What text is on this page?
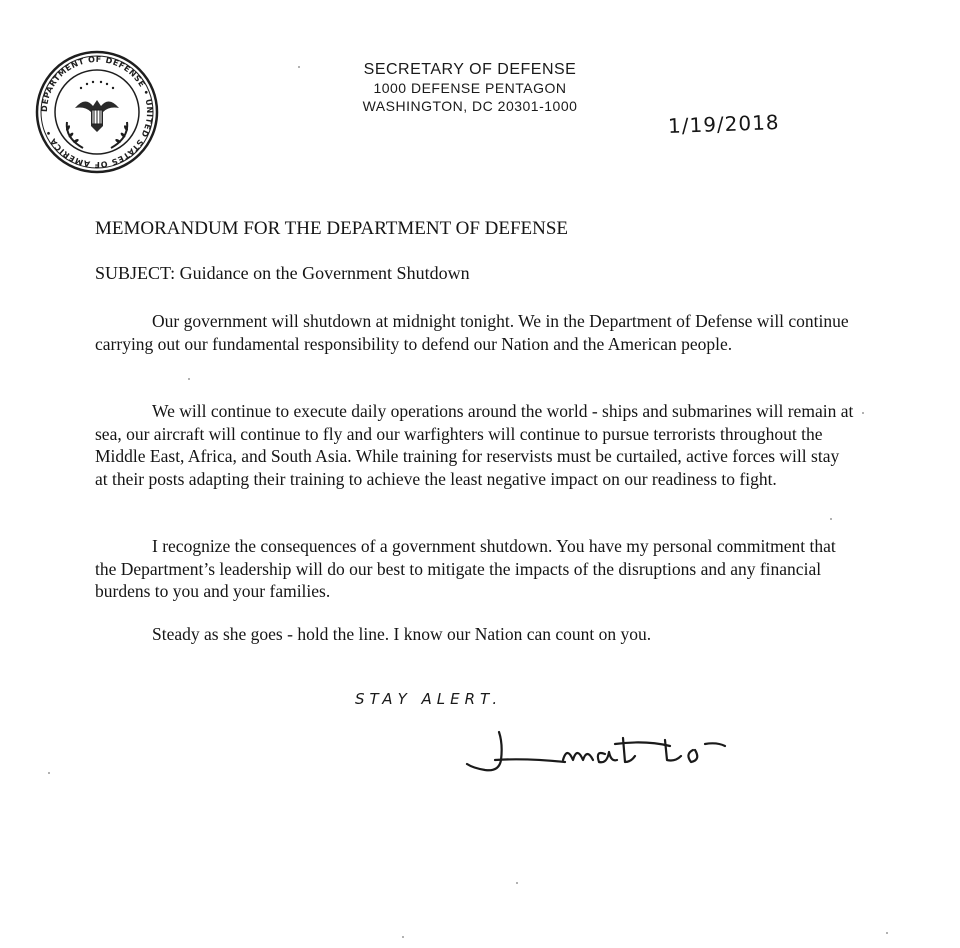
DEPARTMENT OF DEFENSE • UNITED STATES OF AMERICA •
SECRETARY OF DEFENSE
1000 DEFENSE PENTAGON
WASHINGTON, DC 20301-1000
1/19/2018
MEMORANDUM FOR THE DEPARTMENT OF DEFENSE
SUBJECT: Guidance on the Government Shutdown

Our government will shutdown at midnight tonight. We in the Department of Defense will continue carrying out our fundamental responsibility to defend our Nation and the American people.

We will continue to execute daily operations around the world - ships and submarines will remain at sea, our aircraft will continue to fly and our warfighters will continue to pursue terrorists throughout the Middle East, Africa, and South Asia. While training for reservists must be curtailed, active forces will stay at their posts adapting their training to achieve the least negative impact on our readiness to fight.

I recognize the consequences of a government shutdown. You have my personal commitment that the Department’s leadership will do our best to mitigate the impacts of the disruptions and any financial burdens to you and your families.

Steady as she goes - hold the line. I know our Nation can count on you.

STAY ALERT.
